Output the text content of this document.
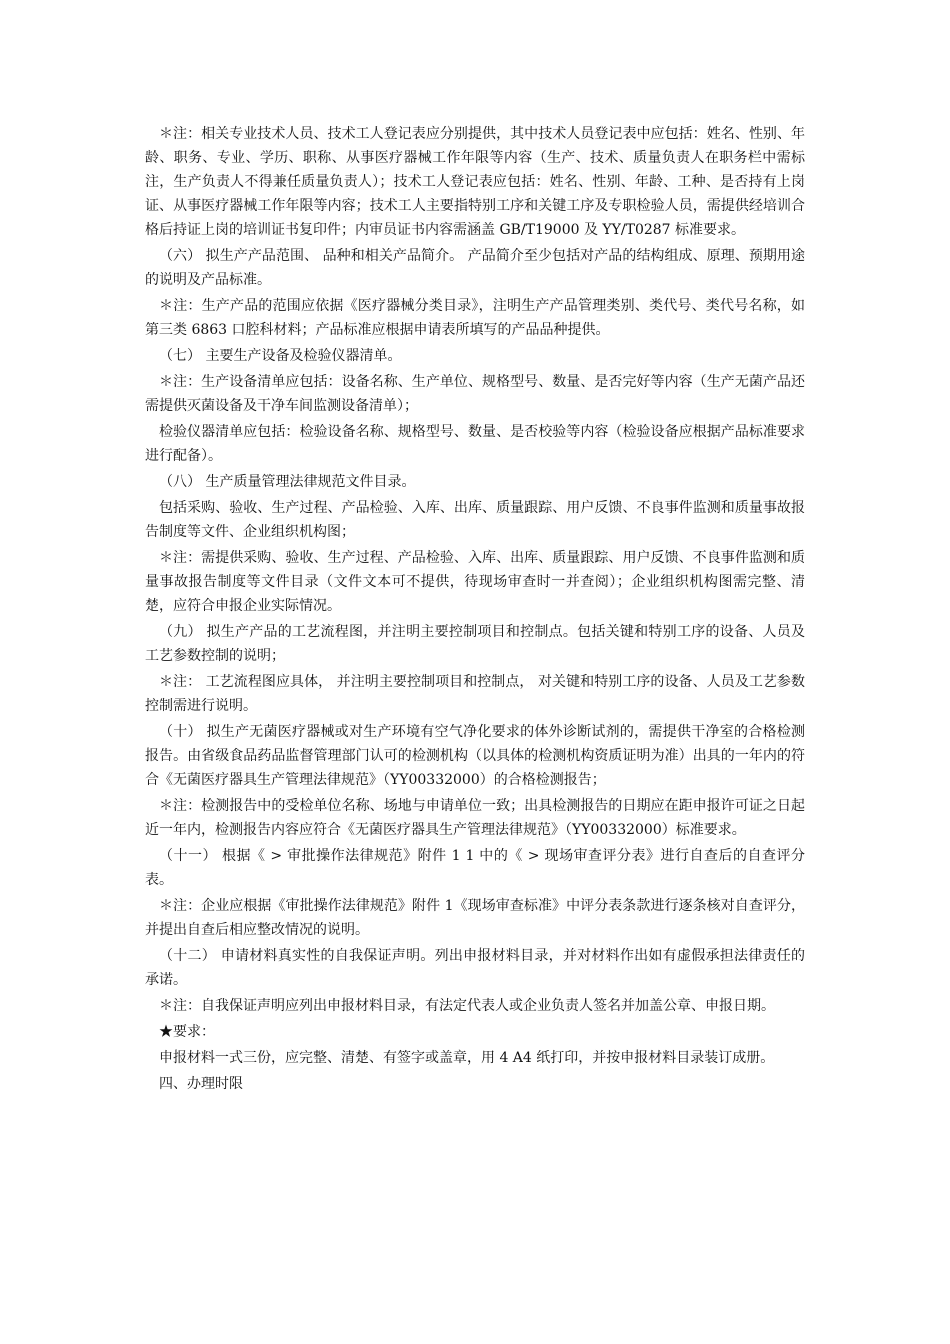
＊注：相关专业技术人员、技术工人登记表应分别提供，其中技术人员登记表中应包括：姓名、性别、年龄、职务、专业、学历、职称、从事医疗器械工作年限等内容（生产、技术、质量负责人在职务栏中需标注，生产负责人不得兼任质量负责人）；技术工人登记表应包括：姓名、性别、年龄、工种、是否持有上岗证、从事医疗器械工作年限等内容；技术工人主要指特别工序和关键工序及专职检验人员，需提供经培训合格后持证上岗的培训证书复印件；内审员证书内容需涵盖 GB/T19000 及 YY/T0287 标准要求。

（六） 拟生产产品范围、 品种和相关产品简介。 产品简介至少包括对产品的结构组成、原理、预期用途的说明及产品标准。

＊注：生产产品的范围应依据《医疗器械分类目录》，注明生产产品管理类别、类代号、类代号名称，如第三类 6863 口腔科材料；产品标准应根据申请表所填写的产品品种提供。

（七） 主要生产设备及检验仪器清单。

＊注：生产设备清单应包括：设备名称、生产单位、规格型号、数量、是否完好等内容（生产无菌产品还需提供灭菌设备及干净车间监测设备清单）；

检验仪器清单应包括：检验设备名称、规格型号、数量、是否校验等内容（检验设备应根据产品标准要求进行配备）。

（八） 生产质量管理法律规范文件目录。

包括采购、验收、生产过程、产品检验、入库、出库、质量跟踪、用户反馈、不良事件监测和质量事故报告制度等文件、企业组织机构图；

＊注：需提供采购、验收、生产过程、产品检验、入库、出库、质量跟踪、用户反馈、不良事件监测和质量事故报告制度等文件目录（文件文本可不提供，待现场审查时一并查阅）；企业组织机构图需完整、清楚，应符合申报企业实际情况。

（九） 拟生产产品的工艺流程图，并注明主要控制项目和控制点。包括关键和特别工序的设备、人员及工艺参数控制的说明；

＊注： 工艺流程图应具体， 并注明主要控制项目和控制点， 对关键和特别工序的设备、人员及工艺参数控制需进行说明。

（十） 拟生产无菌医疗器械或对生产环境有空气净化要求的体外诊断试剂的，需提供干净室的合格检测报告。由省级食品药品监督管理部门认可的检测机构（以具体的检测机构资质证明为准）出具的一年内的符合《无菌医疗器具生产管理法律规范》（YY00332000）的合格检测报告；

＊注：检测报告中的受检单位名称、场地与申请单位一致；出具检测报告的日期应在距申报许可证之日起近一年内，检测报告内容应符合《无菌医疗器具生产管理法律规范》（YY00332000）标准要求。

（十一） 根据《 > 审批操作法律规范》附件 1 1 中的《 > 现场审查评分表》进行自查后的自查评分表。

＊注：企业应根据《审批操作法律规范》附件 1《现场审查标准》中评分表条款进行逐条核对自查评分，并提出自查后相应整改情况的说明。

（十二） 申请材料真实性的自我保证声明。列出申报材料目录，并对材料作出如有虚假承担法律责任的承诺。

＊注：自我保证声明应列出申报材料目录，有法定代表人或企业负责人签名并加盖公章、申报日期。

★要求：

申报材料一式三份，应完整、清楚、有签字或盖章，用 4 A4 纸打印，并按申报材料目录装订成册。

四、办理时限
